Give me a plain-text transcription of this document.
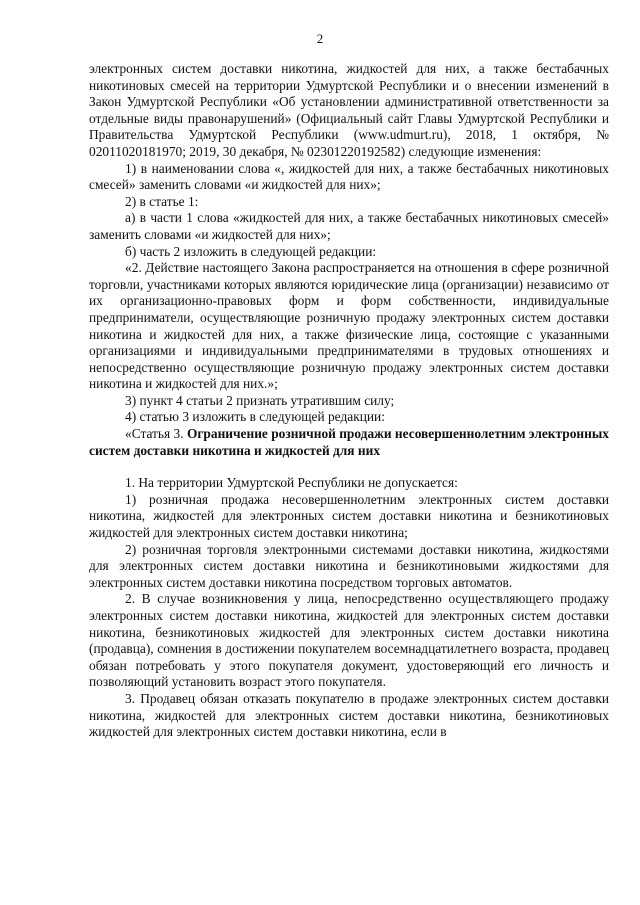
2

электронных систем доставки никотина, жидкостей для них, а также бестабачных никотиновых смесей на территории Удмуртской Республики и о внесении изменений в Закон Удмуртской Республики «Об установлении административной ответственности за отдельные виды правонарушений» (Официальный сайт Главы Удмуртской Республики и Правительства Удмуртской Республики (www.udmurt.ru), 2018, 1 октября, № 02011020181970; 2019, 30 декабря, № 02301220192582) следующие изменения:

1) в наименовании слова «, жидкостей для них, а также бестабачных никотиновых смесей» заменить словами «и жидкостей для них»;

2) в статье 1:

а) в части 1 слова «жидкостей для них, а также бестабачных никотиновых смесей» заменить словами «и жидкостей для них»;

б) часть 2 изложить в следующей редакции:

«2. Действие настоящего Закона распространяется на отношения в сфере розничной торговли, участниками которых являются юридические лица (организации) независимо от их организационно-правовых форм и форм собственности, индивидуальные предприниматели, осуществляющие розничную продажу электронных систем доставки никотина и жидкостей для них, а также физические лица, состоящие с указанными организациями и индивидуальными предпринимателями в трудовых отношениях и непосредственно осуществляющие розничную продажу электронных систем доставки никотина и жидкостей для них.»;

3) пункт 4 статьи 2 признать утратившим силу;

4) статью 3 изложить в следующей редакции:

«Статья 3. Ограничение розничной продажи несовершеннолетним электронных систем доставки никотина и жидкостей для них

1. На территории Удмуртской Республики не допускается:

1) розничная продажа несовершеннолетним электронных систем доставки никотина, жидкостей для электронных систем доставки никотина и безникотиновых жидкостей для электронных систем доставки никотина;

2) розничная торговля электронными системами доставки никотина, жидкостями для электронных систем доставки никотина и безникотиновыми жидкостями для электронных систем доставки никотина посредством торговых автоматов.

2. В случае возникновения у лица, непосредственно осуществляющего продажу электронных систем доставки никотина, жидкостей для электронных систем доставки никотина, безникотиновых жидкостей для электронных систем доставки никотина (продавца), сомнения в достижении покупателем восемнадцатилетнего возраста, продавец обязан потребовать у этого покупателя документ, удостоверяющий его личность и позволяющий установить возраст этого покупателя.

3. Продавец обязан отказать покупателю в продаже электронных систем доставки никотина, жидкостей для электронных систем доставки никотина, безникотиновых жидкостей для электронных систем доставки никотина, если в
